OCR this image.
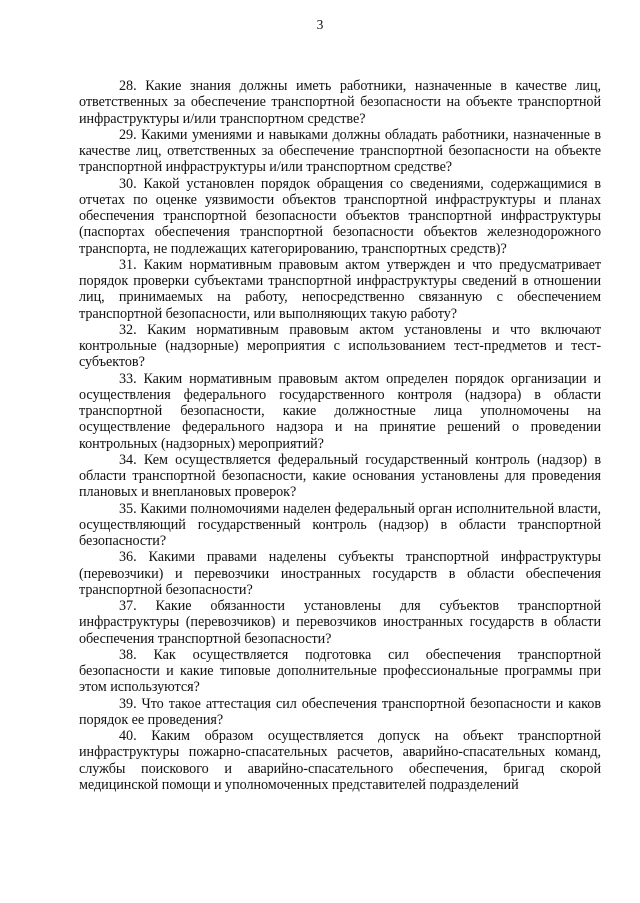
3

28. Какие знания должны иметь работники, назначенные в качестве лиц, ответственных за обеспечение транспортной безопасности на объекте транспортной инфраструктуры и/или транспортном средстве?

29. Какими умениями и навыками должны обладать работники, назначенные в качестве лиц, ответственных за обеспечение транспортной безопасности на объекте транспортной инфраструктуры и/или транспортном средстве?

30. Какой установлен порядок обращения со сведениями, содержащимися в отчетах по оценке уязвимости объектов транспортной инфраструктуры и планах обеспечения транспортной безопасности объектов транспортной инфраструктуры (паспортах обеспечения транспортной безопасности объектов железнодорожного транспорта, не подлежащих категорированию, транспортных средств)?

31. Каким нормативным правовым актом утвержден и что предусматривает порядок проверки субъектами транспортной инфраструктуры сведений в отношении лиц, принимаемых на работу, непосредственно связанную с обеспечением транспортной безопасности, или выполняющих такую работу?

32. Каким нормативным правовым актом установлены и что включают контрольные (надзорные) мероприятия с использованием тест-предметов и тест-субъектов?

33. Каким нормативным правовым актом определен порядок организации и осуществления федерального государственного контроля (надзора) в области транспортной безопасности, какие должностные лица уполномочены на осуществление федерального надзора и на принятие решений о проведении контрольных (надзорных) мероприятий?

34. Кем осуществляется федеральный государственный контроль (надзор) в области транспортной безопасности, какие основания установлены для проведения плановых и внеплановых проверок?

35. Какими полномочиями наделен федеральный орган исполнительной власти, осуществляющий государственный контроль (надзор) в области транспортной безопасности?

36. Какими правами наделены субъекты транспортной инфраструктуры (перевозчики) и перевозчики иностранных государств в области обеспечения транспортной безопасности?

37. Какие обязанности установлены для субъектов транспортной инфраструктуры (перевозчиков) и перевозчиков иностранных государств в области обеспечения транспортной безопасности?

38. Как осуществляется подготовка сил обеспечения транспортной безопасности и какие типовые дополнительные профессиональные программы при этом используются?

39. Что такое аттестация сил обеспечения транспортной безопасности и каков порядок ее проведения?

40. Каким образом осуществляется допуск на объект транспортной инфраструктуры пожарно-спасательных расчетов, аварийно-спасательных команд, службы поискового и аварийно-спасательного обеспечения, бригад скорой медицинской помощи и уполномоченных представителей подразделений
